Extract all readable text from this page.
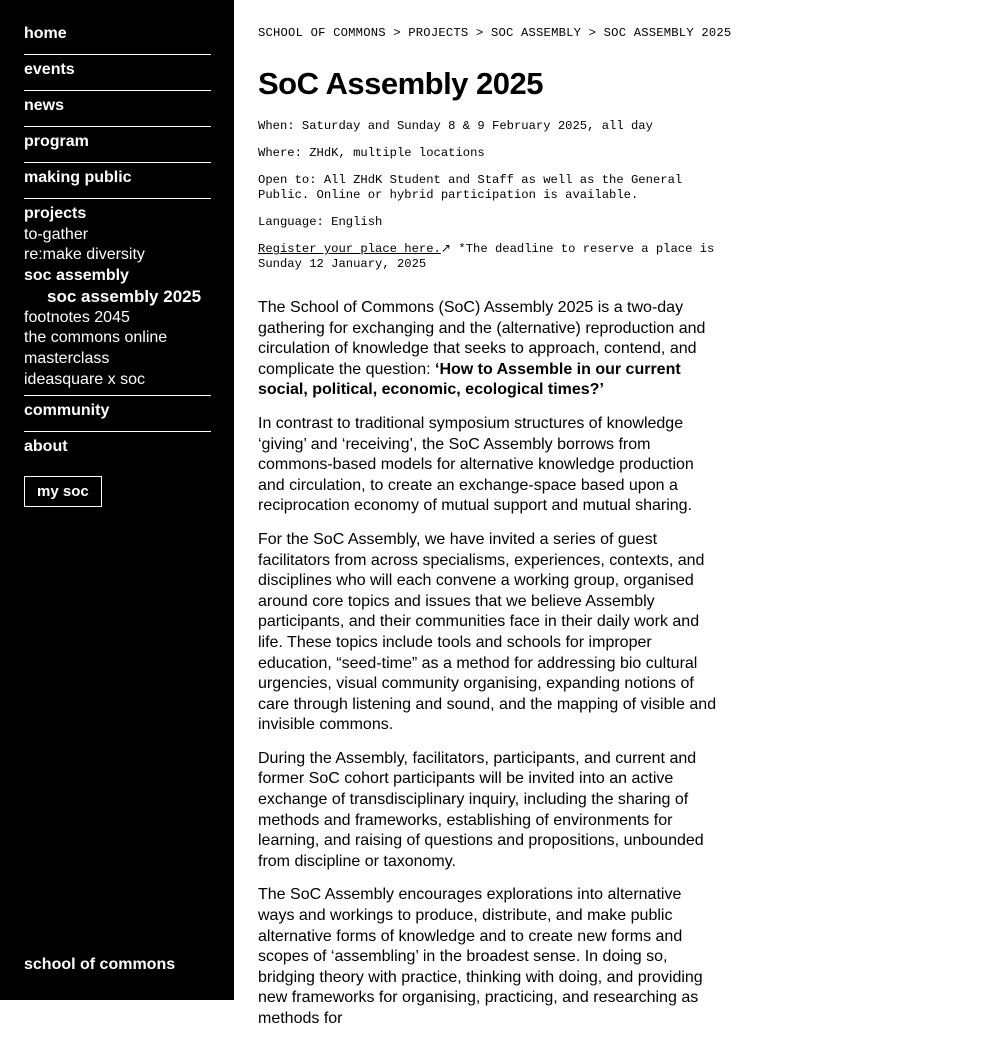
home
events
news
program
making public
projects
to-gather
re:make diversity
soc assembly
soc assembly 2025
footnotes 2045
the commons online
masterclass
ideasquare x soc
community
about
my soc
school of commons
SCHOOL OF COMMONS > PROJECTS > SOC ASSEMBLY > SOC ASSEMBLY 2025
SoC Assembly 2025

When: Saturday and Sunday 8 & 9 February 2025, all day

Where: ZHdK, multiple locations

Open to: All ZHdK Student and Staff as well as the General Public. Online or hybrid participation is available.

Language: English

Register your place here.↗ *The deadline to reserve a place is Sunday 12 January, 2025

The School of Commons (SoC) Assembly 2025 is a two-day gathering for exchanging and the (alternative) reproduction and circulation of knowledge that seeks to approach, contend, and complicate the question: ‘How to Assemble in our current social, political, economic, ecological times?’

In contrast to traditional symposium structures of knowledge ‘giving’ and ‘receiving’, the SoC Assembly borrows from commons-based models for alternative knowledge production and circulation, to create an exchange-space based upon a reciprocation economy of mutual support and mutual sharing.

For the SoC Assembly, we have invited a series of guest facilitators from across specialisms, experiences, contexts, and disciplines who will each convene a working group, organised around core topics and issues that we believe Assembly participants, and their communities face in their daily work and life. These topics include tools and schools for improper education, “seed-time” as a method for addressing bio cultural urgencies, visual community organising, expanding notions of care through listening and sound, and the mapping of visible and invisible commons.

During the Assembly, facilitators, participants, and current and former SoC cohort participants will be invited into an active exchange of transdisciplinary inquiry, including the sharing of methods and frameworks, establishing of environments for learning, and raising of questions and propositions, unbounded from discipline or taxonomy.

The SoC Assembly encourages explorations into alternative ways and workings to produce, distribute, and make public alternative forms of knowledge and to create new forms and scopes of ‘assembling’ in the broadest sense. In doing so, bridging theory with practice, thinking with doing, and providing new frameworks for organising, practicing, and researching as methods for
